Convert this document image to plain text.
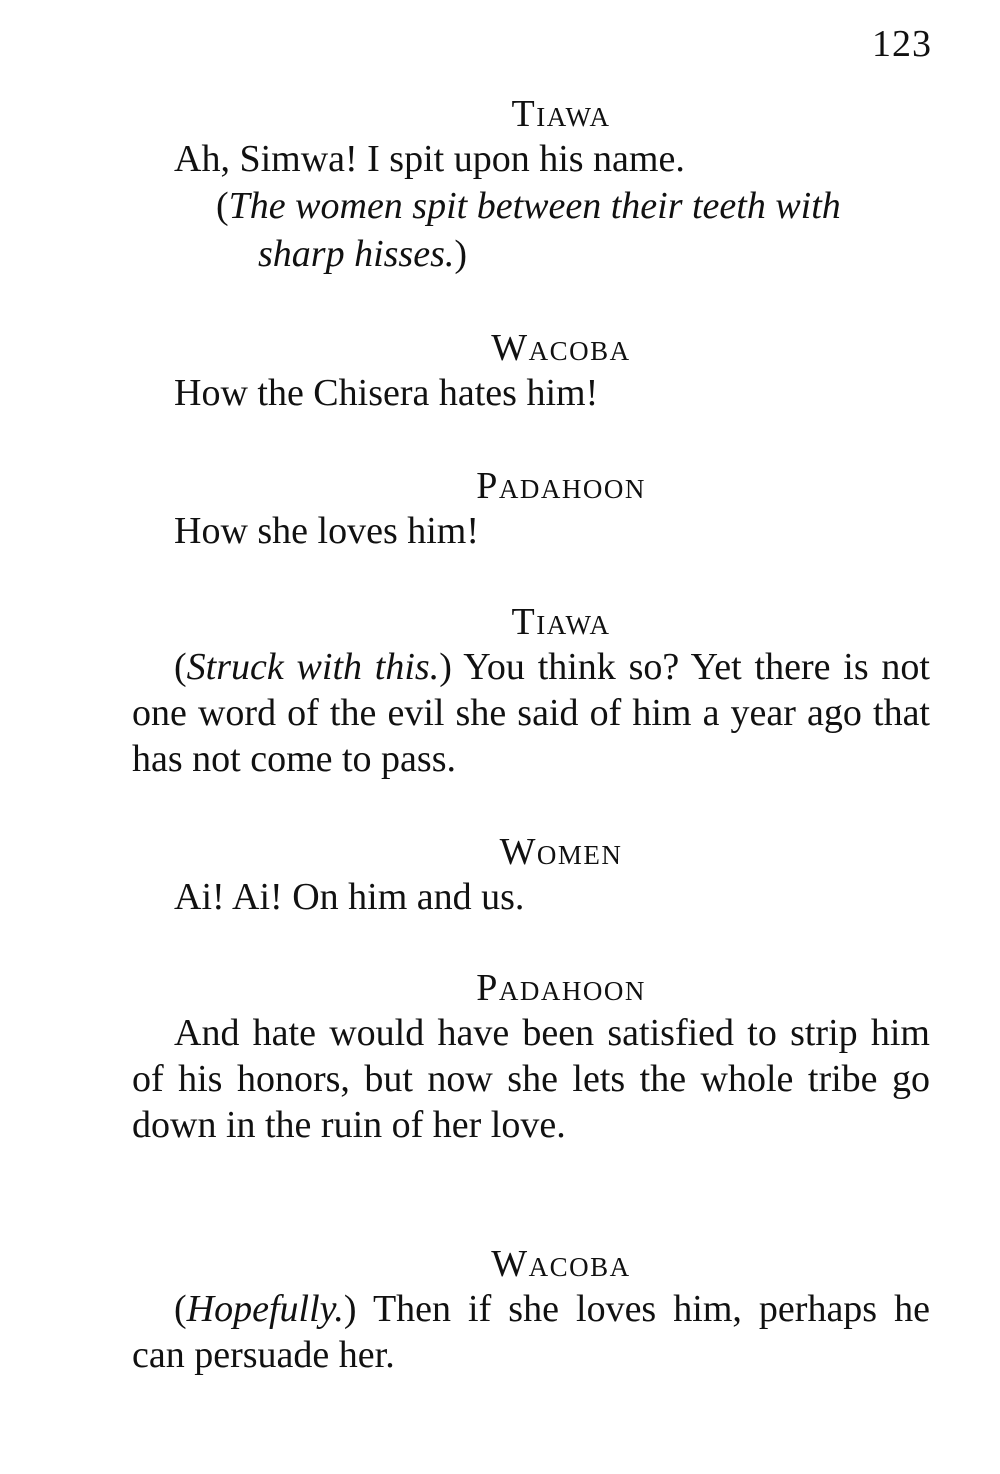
123
Tiawa
Ah, Simwa! I spit upon his name.
(The women spit between their teeth with sharp hisses.)
Wacoba
How the Chisera hates him!
Padahoon
How she loves him!
Tiawa
(Struck with this.) You think so? Yet there is not one word of the evil she said of him a year ago that has not come to pass.
Women
Ai! Ai! On him and us.
Padahoon
And hate would have been satisfied to strip him of his honors, but now she lets the whole tribe go down in the ruin of her love.
Wacoba
(Hopefully.) Then if she loves him, perhaps he can persuade her.
